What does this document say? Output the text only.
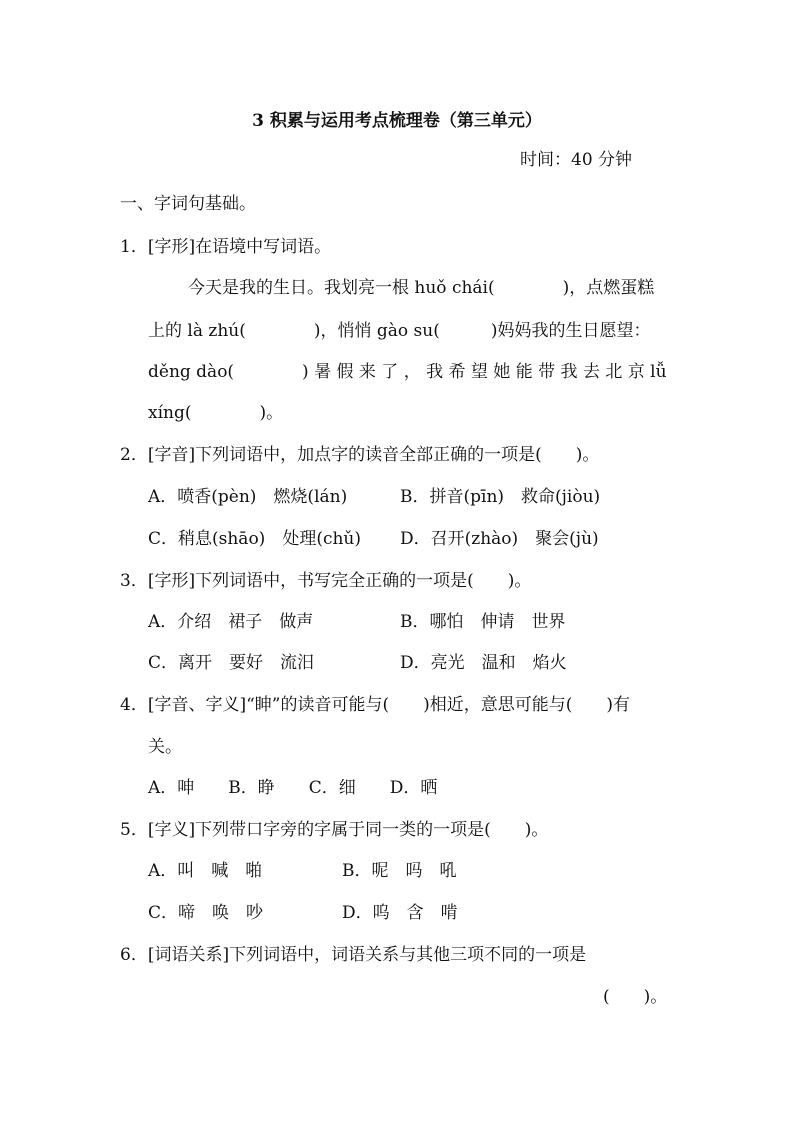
3 积累与运用考点梳理卷（第三单元）
时间：40 分钟
一、字词句基础。
1．[字形]在语境中写词语。
今天是我的生日。我划亮一根 huǒ chái(　　　　)，点燃蛋糕
上的 là zhú(　　　　)，悄悄 gào su(　　　)妈妈我的生日愿望：
děng dào(　　　　) 暑 假 来 了 ， 我 希 望 她 能 带 我 去 北 京 lǚ
xíng(　　　　)。
2．[字音]下列词语中，加点字的读音全部正确的一项是(　　)。
A．喷香(pèn)　燃烧(lán)	B．拼音(pīn)　救命(jiòu)
C．稍息(shāo)　处理(chǔ) D．召开(zhào)　聚会(jù)
3．[字形]下列词语中，书写完全正确的一项是(　　)。
A．介绍　裙子　做声	B．哪怕　伸请　世界
C．离开　要好　流汨	D．亮光　温和　焰火
4．[字音、字义]“眒”的读音可能与(　　)相近，意思可能与(　　)有
关。
A．呻　　B．睁　　C．细　　D．晒
5．[字义]下列带口字旁的字属于同一类的一项是(　　)。
A．叫　喊　啪	B．呢　吗　吼
C．啼　唤　吵	D．呜　含　啃
6．[词语关系]下列词语中，词语关系与其他三项不同的一项是
(　　)。
